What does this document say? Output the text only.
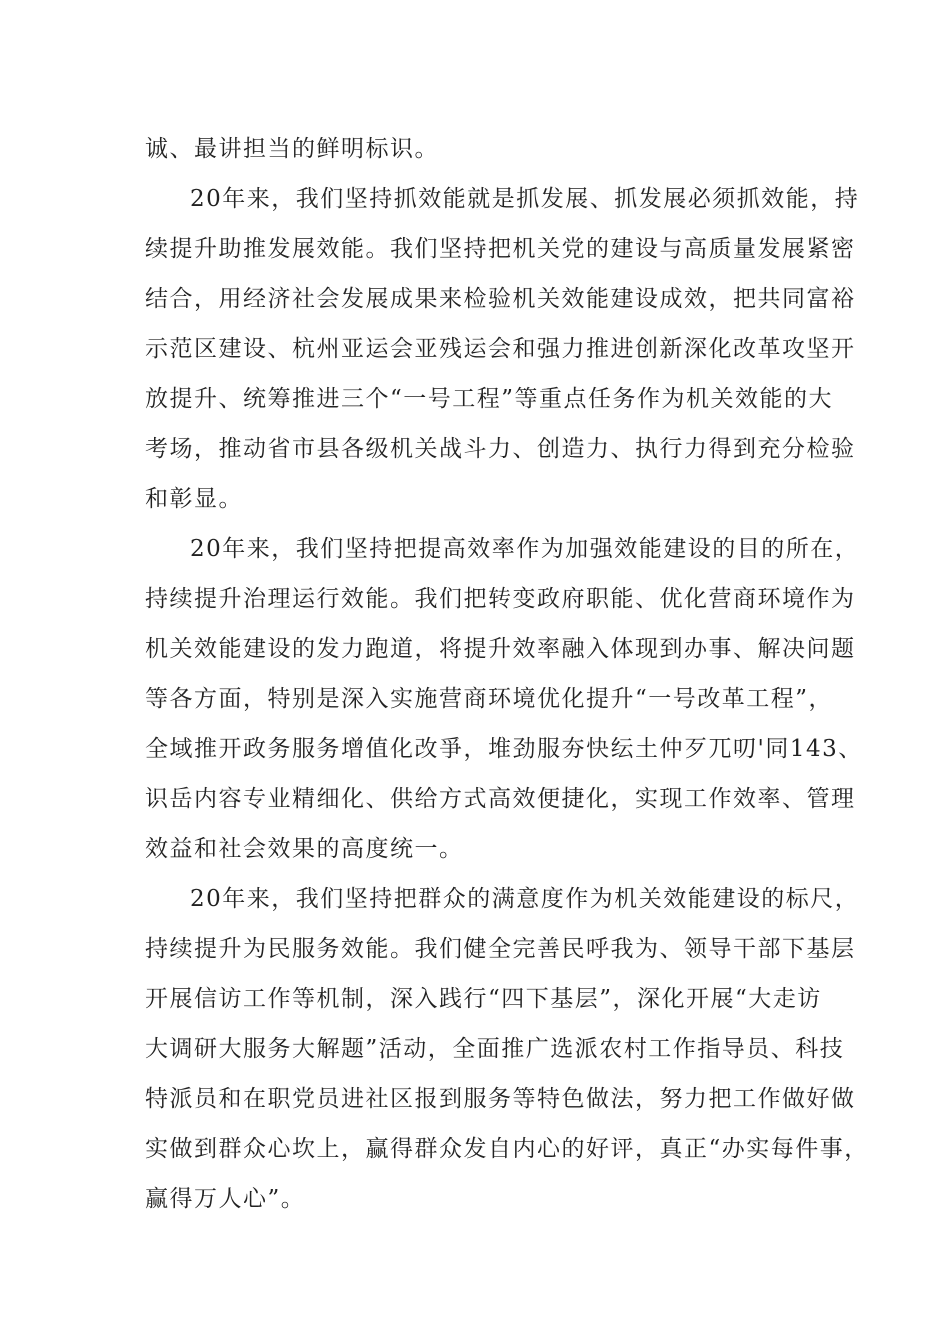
诚、最讲担当的鲜明标识。
20年来，我们坚持抓效能就是抓发展、抓发展必须抓效能，持
续提升助推发展效能。我们坚持把机关党的建设与高质量发展紧密
结合，用经济社会发展成果来检验机关效能建设成效，把共同富裕
示范区建设、杭州亚运会亚残运会和强力推进创新深化改革攻坚开
放提升、统筹推进三个“一号工程”等重点任务作为机关效能的大
考场，推动省市县各级机关战斗力、创造力、执行力得到充分检验
和彰显。
20年来，我们坚持把提高效率作为加强效能建设的目的所在，
持续提升治理运行效能。我们把转变政府职能、优化营商环境作为
机关效能建设的发力跑道，将提升效率融入体现到办事、解决问题
等各方面，特别是深入实施营商环境优化提升“一号改革工程”，
全域推开政务服务增值化改爭，堆劲服夯快纭土仲歹兀叨'同143、
识岳内容专业精细化、供给方式高效便捷化，实现工作效率、管理
效益和社会效果的高度统一。
20年来，我们坚持把群众的满意度作为机关效能建设的标尺，
持续提升为民服务效能。我们健全完善民呼我为、领导干部下基层
开展信访工作等机制，深入践行“四下基层”，深化开展“大走访
大调研大服务大解题”活动，全面推广选派农村工作指导员、科技
特派员和在职党员进社区报到服务等特色做法，努力把工作做好做
实做到群众心坎上，赢得群众发自内心的好评，真正“办实每件事，
赢得万人心”。
